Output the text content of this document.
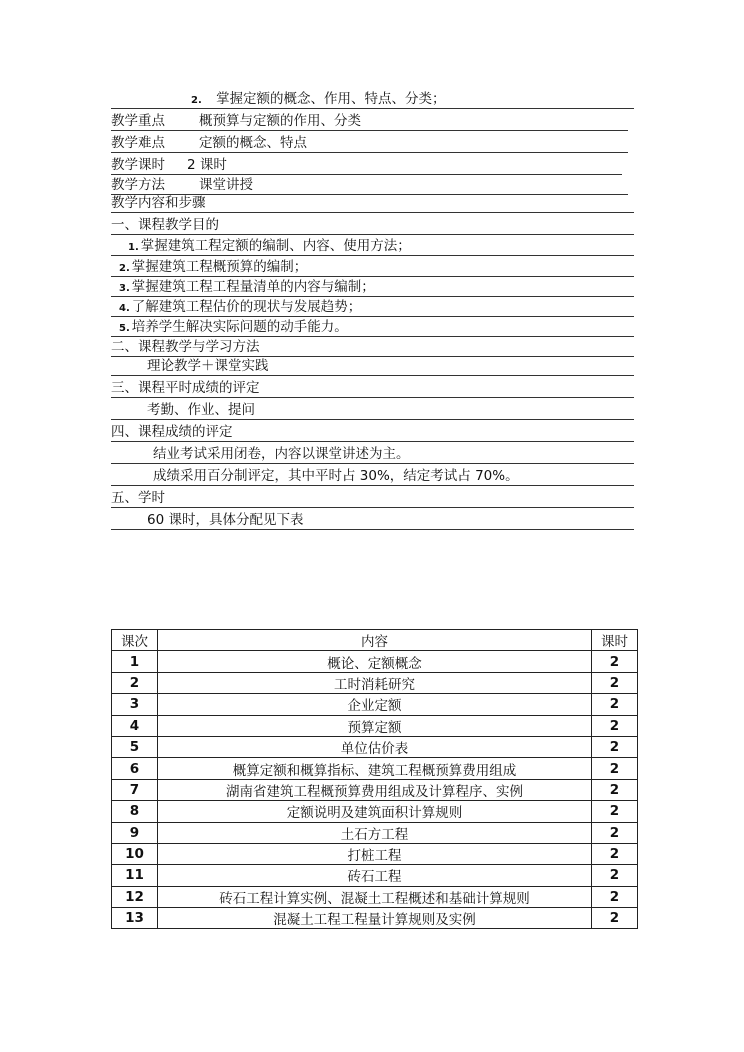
2. 掌握定额的概念、作用、特点、分类；
教学重点	概预算与定额的作用、分类
教学难点	定额的概念、特点
教学课时 2 课时
教学方法	课堂讲授
教学内容和步骤
一、课程教学目的
1. 掌握建筑工程定额的编制、内容、使用方法；
2. 掌握建筑工程概预算的编制；
3. 掌握建筑工程工程量清单的内容与编制；
4. 了解建筑工程估价的现状与发展趋势；
5. 培养学生解决实际问题的动手能力。
二、课程教学与学习方法
理论教学＋课堂实践
三、课程平时成绩的评定
考勤、作业、提问
四、课程成绩的评定
结业考试采用闭卷，内容以课堂讲述为主。
成绩采用百分制评定，其中平时占 30%，结定考试占 70%。
五、学时
60 课时，具体分配见下表
课次	内容	课时
1	概论、定额概念	2
2	工时消耗研究	2
3	企业定额	2
4	预算定额	2
5	单位估价表	2
6	概算定额和概算指标、建筑工程概预算费用组成	2
7	湖南省建筑工程概预算费用组成及计算程序、实例	2
8	定额说明及建筑面积计算规则	2
9	土石方工程	2
10	打桩工程	2
11	砖石工程	2
12	砖石工程计算实例、混凝土工程概述和基础计算规则	2
13	混凝土工程工程量计算规则及实例	2
